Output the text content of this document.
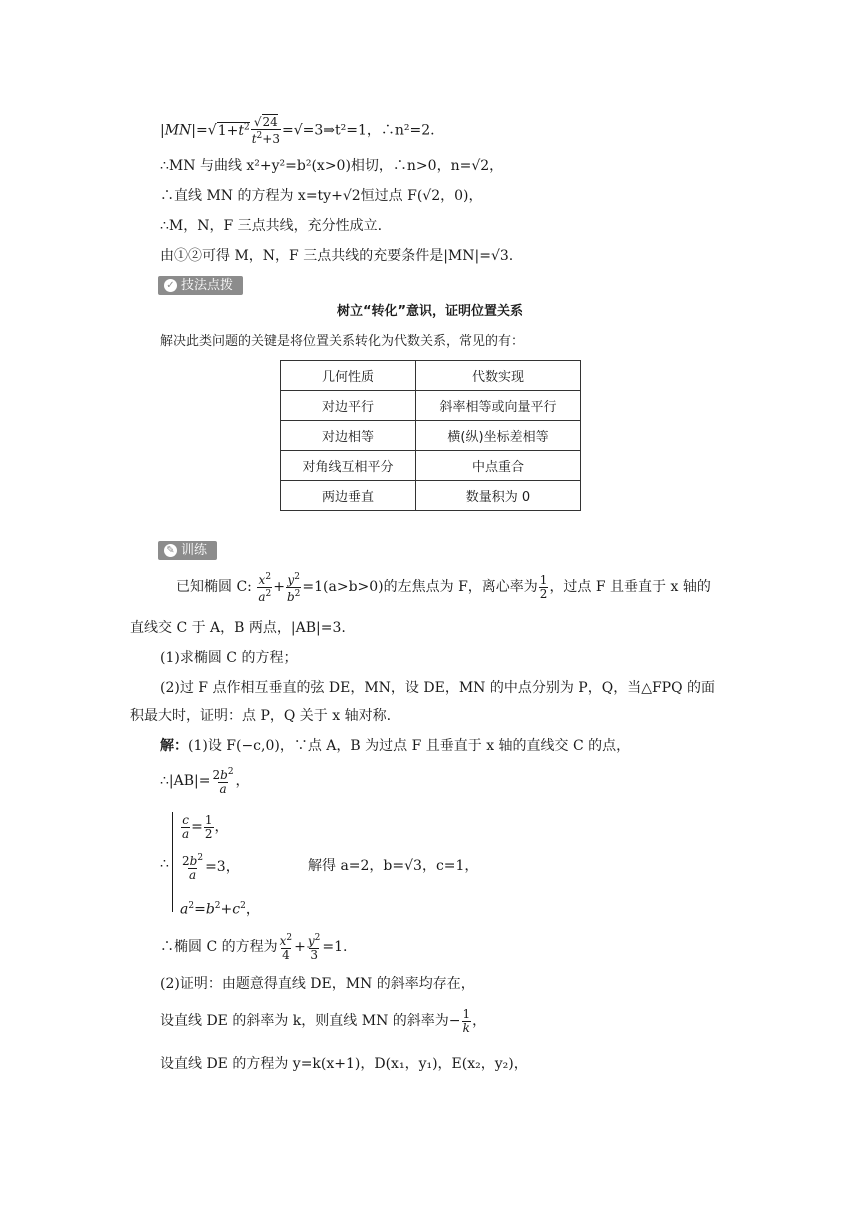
$|MN|=√1+t^2 \frac{√24}{t^2+3}$ =√=3⇒t²=1，∴n²=2.
∴MN 与曲线 x²+y²=b²(x>0)相切，∴n>0，n=√2，
∴直线 MN 的方程为 x=ty+√2恒过点 F(√2，0)，
∴M，N，F 三点共线，充分性成立.
由①②可得 M，N，F 三点共线的充要条件是|MN|=√3.
✓ 技法点拨
树立“转化”意识，证明位置关系
解决此类问题的关键是将位置关系转化为代数关系，常见的有：
几何性质	代数实现
对边平行	斜率相等或向量平行
对边相等	横(纵)坐标差相等
对角线互相平分	中点重合
两边垂直	数量积为 0
✎ 训练
已知椭圆 C: $\frac{x^2}{a^2} + \frac{y^2}{b^2} =1(a>b>0)$的左焦点为 F，离心率为 $\frac{1}{2}$ ，过点 F 且垂直于 x 轴的
直线交 C 于 A，B 两点，|AB|=3.
(1)求椭圆 C 的方程；
(2)过 F 点作相互垂直的弦 DE，MN，设 DE，MN 的中点分别为 P，Q，当△FPQ 的面
积最大时，证明：点 P，Q 关于 x 轴对称.
解：(1)设 F(−c,0)，∵点 A，B 为过点 F 且垂直于 x 轴的直线交 C 的点，
∴|AB|= $\frac{2b^2}{a}$ ，
∴
$\frac{c}{a} = \frac{1}{2}$ ，
$\frac{2b^2}{a} =3$，
$a^2=b^2+c^2$，
解得 a=2，b=√3，c=1，
∴椭圆 C 的方程为 $\frac{x^2}{4} + \frac{y^2}{3} =1$.
(2)证明：由题意得直线 DE，MN 的斜率均存在，
设直线 DE 的斜率为 k，则直线 MN 的斜率为− $\frac{1}{k}$ ，
设直线 DE 的方程为 y=k(x+1)，D(x₁，y₁)，E(x₂，y₂)，
